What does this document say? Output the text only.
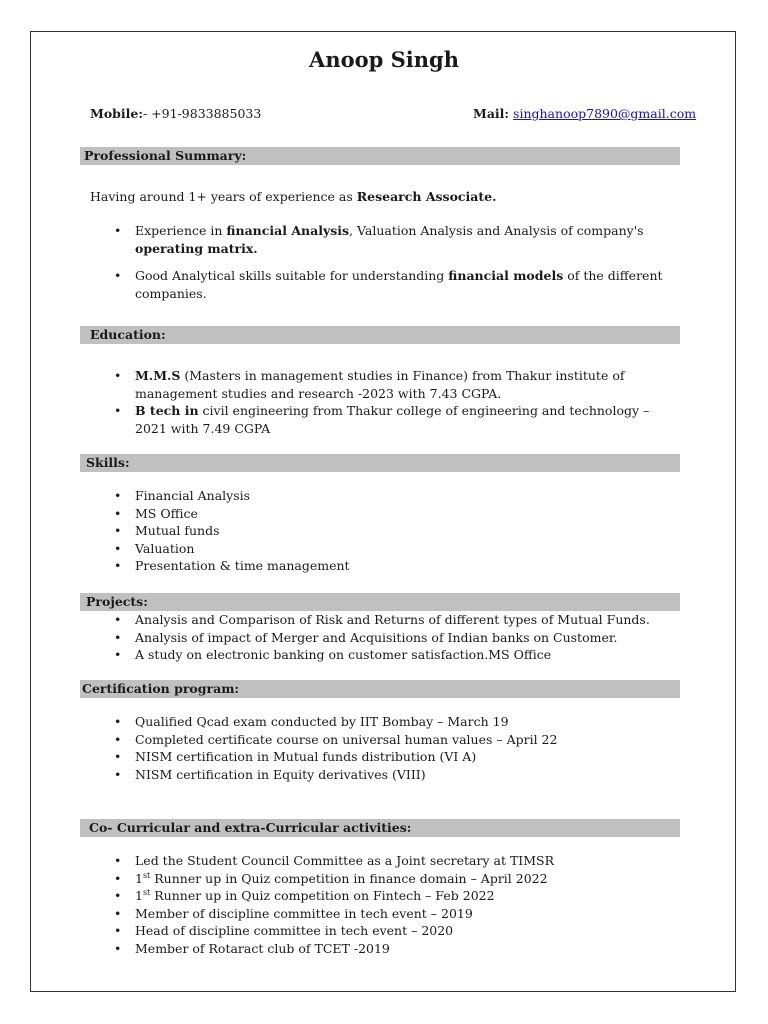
Anoop Singh
Mobile:- +91-9833885033	Mail: singhanoop7890@gmail.com
Professional Summary:
Having around 1+ years of experience as Research Associate.
• Experience in financial Analysis, Valuation Analysis and Analysis of company's operating matrix.
• Good Analytical skills suitable for understanding financial models of the different companies.
Education:
• M.M.S (Masters in management studies in Finance) from Thakur institute of management studies and research -2023 with 7.43 CGPA.
• B tech in civil engineering from Thakur college of engineering and technology – 2021 with 7.49 CGPA
Skills:
• Financial Analysis
• MS Office
• Mutual funds
• Valuation
• Presentation & time management
Projects:
• Analysis and Comparison of Risk and Returns of different types of Mutual Funds.
• Analysis of impact of Merger and Acquisitions of Indian banks on Customer.
• A study on electronic banking on customer satisfaction.MS Office
Certification program:
• Qualified Qcad exam conducted by IIT Bombay – March 19
• Completed certificate course on universal human values – April 22
• NISM certification in Mutual funds distribution (VI A)
• NISM certification in Equity derivatives (VIII)
Co- Curricular and extra-Curricular activities:
• Led the Student Council Committee as a Joint secretary at TIMSR
• 1st Runner up in Quiz competition in finance domain – April 2022
• 1st Runner up in Quiz competition on Fintech – Feb 2022
• Member of discipline committee in tech event – 2019
• Head of discipline committee in tech event – 2020
• Member of Rotaract club of TCET -2019
